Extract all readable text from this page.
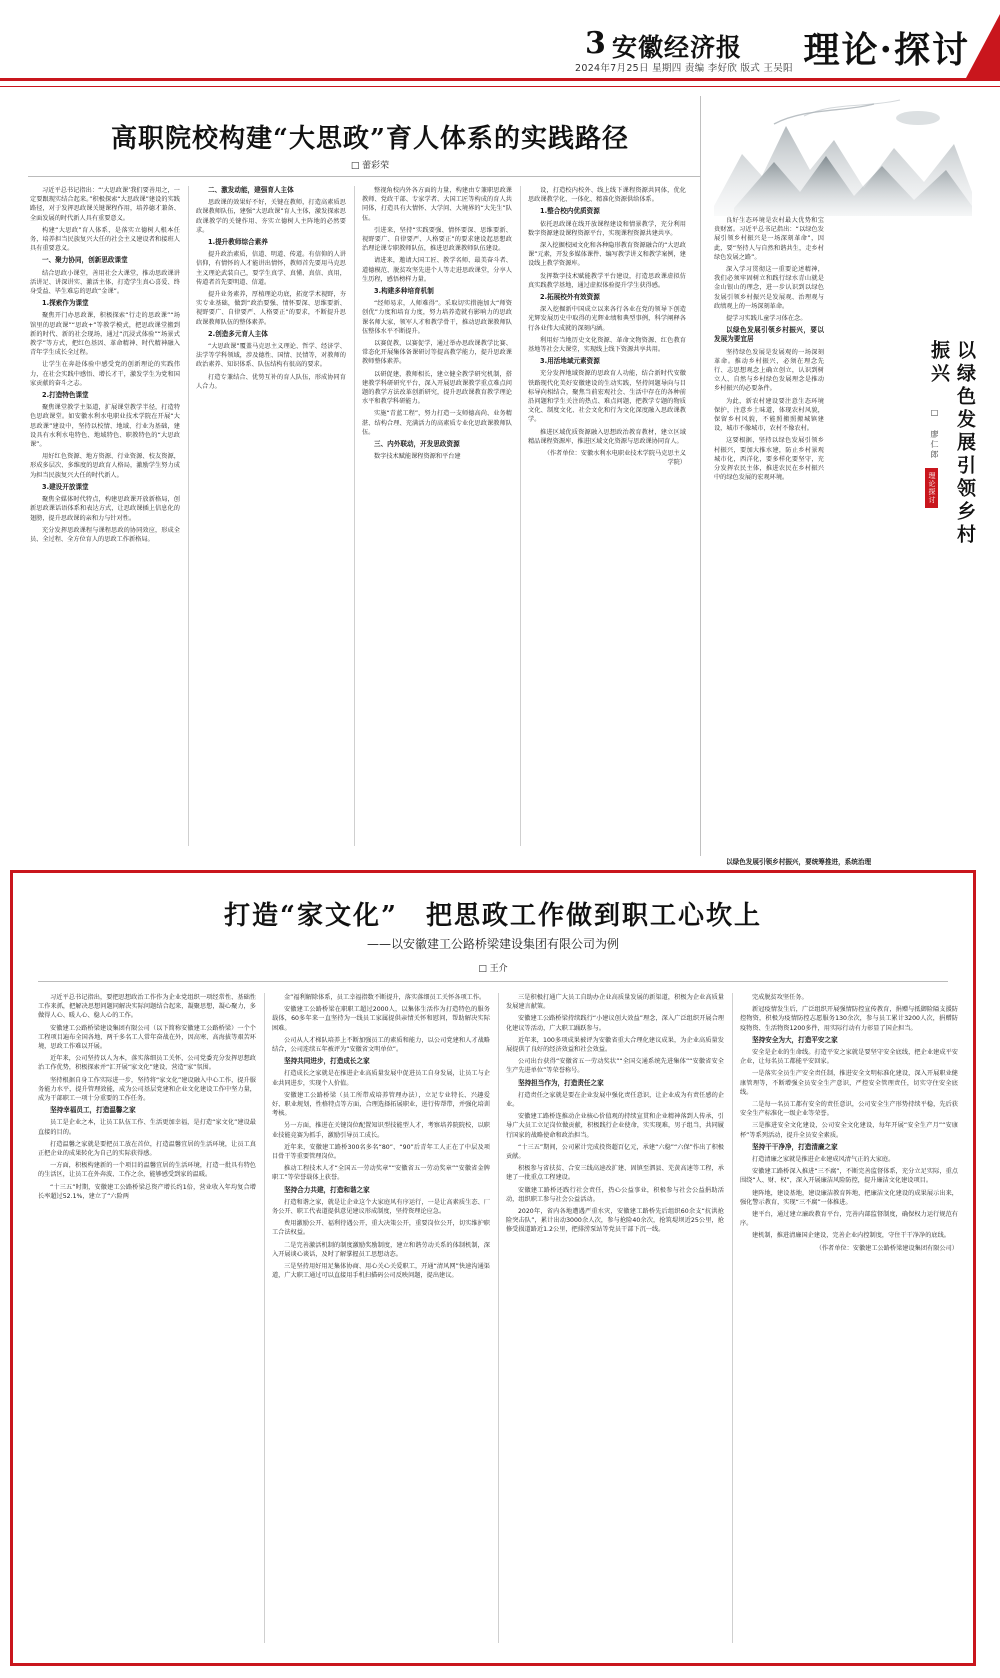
3 安徽经济报
2024年7月25日 星期四 责编 李好欣 版式 王吴阳 理论·探讨
高职院校构建“大思政”育人体系的实践路径
□ 蕾彩荣

习近平总书记指出：“‘大思政课’我们要善用之，一定要跟现实结合起来。”积极探索“大思政课”建设的实践路径，对于发挥思政课关键课程作用，培养德才兼备、全面发展的时代新人具有重要意义。

构建“大思政”育人体系，是落实立德树人根本任务，培养担当民族复兴大任的社会主义建设者和接班人具有重要意义。

一、聚力协同，创新思政课堂

结合思政小课堂，善用社会大课堂，推动思政课讲活讲足、讲深讲实、激活主体，打造学生真心喜爱、终身受益、毕生难忘的思政“金课”。

1.探索作为课堂

聚焦开门办思政课，积极探索“行走的思政课”“场馆里的思政课”“思政+”等教学模式，把思政课堂搬到新的时代、新的社会现场，通过“沉浸式体验”“场景式教学”等方式，把红色基因、革命精神、时代精神融入青年学生成长全过程。

让学生在奔赴体验中感受党的创新理论的实践伟力，在社会实践中感悟、增长才干，激发学生为党和国家贡献的奋斗之志。

2.打造特色课堂

聚焦课堂教学主渠道，扩展课堂教学半径，打造特色思政课堂。如安徽水利水电职业技术学院在开展“大思政课”建设中，坚持以校情、地域、行业为基础，建设具有水利水电特色、地域特色、职教特色的“大思政课”。

用好红色资源、地方资源、行业资源、校友资源，形成多层次、多维度的思政育人格局，激励学生努力成为担当民族复兴大任的时代新人。

3.建设开放课堂

聚焦全媒体时代特点，构建思政课开放新格局，创新思政课话语体系和表达方式，让思政课插上信息化的翅膀，提升思政课的亲和力与针对性。

充分发挥思政课程与课程思政的协同效应，形成全员、全过程、全方位育人的思政工作新格局。

二、激发动能，建强育人主体

思政课的效果好不好，关键在教师，打造高素质思政课教师队伍，建强“大思政课”育人主体，激发探索思政课教学的关键作用、夯实立德树人主阵地的必然要求。

1.提升教师综合素养

提升政治素质，信道、明道、传道。有信仰的人讲信仰，有情怀的人才能讲出情怀，教师首先要用马克思主义理论武装自己，要学生真学、真懂、真信、真用，传道者首先要明道、信道。

提升业务素养，厚植理论功底，拓宽学术视野，夯实专业基础，做到“政治要强、情怀要深、思维要新、视野要广、自律要严、人格要正”的要求，不断提升思政课教师队伍的整体素养。

2.创造多元育人主体

“大思政课”覆盖马克思主义理论、哲学、经济学、法学等学科领域，涉及德性、国情、民情等，对教师的政治素养、知识体系、队伍结构有很高的要求。

打造专兼结合、优势互补的育人队伍，形成协同育人合力。

整视角校内外各方面的力量，构建由专兼职思政课教师、党政干部、专家学者、大国工匠等构成的育人共同体，打造具有大情怀、大学问、大境界的“大先生”队伍。

引进来，坚持“实践要强、情怀要深、思维要新、视野要广、自律要严、人格要正”的要求建设起思想政治理论课专职教师队伍，推进思政课教师队伍建设。

请进来，邀请大国工匠、教学名师、最美奋斗者、道德模范、脱贫攻坚先进个人等走进思政课堂，分享人生历程，感悟榜样力量。

3.构建多种培育机制

“经师易求，人师难得”。采取切实措施加大“师资创优”力度和培育力度，努力培养造就有影响力的思政课名师大家，领军人才和教学骨干，推动思政课教师队伍整体水平不断提升。

以赛促教，以赛促学，通过举办思政课教学比赛、常态化开展集体备课研讨等提高教学能力，提升思政课教师整体素养。

以研促建，教师相长，建立健全教学研究机制，搭建教学科研研究平台，深入开展思政课教学重点难点问题的教学方法改革创新研究，提升思政课教育教学理论水平和教学科研能力。

实施“青蓝工程”，努力打造一支师德高尚、业务精湛、结构合理、充满活力的高素质专业化思政课教师队伍。

三、内外联动，开发思政资源

数字技术赋能课程资源和平台建

设，打造校内校外、线上线下课程资源共同体，优化思政课教学化、一体化、精准化资源供给体系。

1.整合校内优质资源

依托思政课在线开放课程建设和情景教学，充分利用数字资源建设课程资源平台，实现课程资源共建共享。

深入挖掘校园文化和各种隐形教育资源融合的“大思政课”元素，开发多媒体课件、编写教学讲义和教学案例，建设线上教学资源库。

发挥数字技术赋能教学平台建设，打造思政课虚拟仿真实践教学基地，通过虚拟体验提升学生获得感。

2.拓展校外有效资源

深入挖掘新中国成立以来各行各业在党的领导下创造光辉发展历史中取得的光辉业绩和典型事例，科学阐释各行各业伟大成就的深刻内涵。

利用好当地历史文化资源、革命文物资源、红色教育基地等社会大课堂，实现线上线下资源共享共用。

3.用活地域元素资源

充分发挥地域资源的思政育人功能，结合新时代安徽铁路现代化美好安徽建设的生动实践，坚持问题导向与目标导向相结合，聚焦当前宏观社会、生活中存在的各种前沿问题和学生关注的热点、难点问题，把教学专题的物质文化、制度文化、社会文化和行为文化深度融入思政课教学。

推进区域优质资源融入思想政治教育教材，建立区域精品课程资源库，推进区域文化资源与思政课协同育人。

（作者单位：安徽水利水电职业技术学院马克思主义学院）	以绿色发展引领乡村振兴
□ 廖仁郎
理论探讨

良好生态环境是农村最大优势和宝贵财富。习近平总书记指出：“以绿色发展引领乡村振兴是一场深刻革命”，因此，要“坚持人与自然和谐共生，走乡村绿色发展之路”。

深入学习贯彻这一重要论述精神，我们必须牢固树立和践行绿水青山就是金山银山的理念，进一步认识到以绿色发展引领乡村振兴是发展观、治理观与政绩观上的一场深刻革命。

提学习实践儿童学习体在念。

以绿色发展引领乡村振兴，要以发展为要宜居

坚持绿色发展是发展观的一场深刻革命。推动乡村振兴，必须在理念先行、志思想观念上确立创立，认识到树立人、自然与乡村绿色发展理念是推动乡村振兴的必要条件。

为此，新农村建设要注意生态环境保护，注意乡土味道，体现农村风貌，保留乡村风貌，不能照搬照搬城镇建设，城市不像城市，农村不像农村。

这要根据，坚持以绿色发展引领乡村振兴，要加大推水建，防止乡村景观城市化，西洋化，要多样化要坚守，充分发挥农民主体，推进农民在乡村振兴中的绿色发展的宏观环境。

以绿色发展引领乡村振兴，要统筹推进，系统治理

打造“家文化”　把思政工作做到职工心坎上
——以安徽建工公路桥梁建设集团有限公司为例
□ 王介

习近平总书记指出，要把思想政治工作作为企业党组织一项经常性、基础性工作来抓，把解决思想问题同解决实际问题结合起来，凝聚思想，凝心聚力，多做得人心、暖人心、稳人心的工作。

安徽建工公路桥梁建设集团有限公司（以下简称安徽建工公路桥梁）一个个工程项目遍布全国各地、两千多名工人常年奋战在外，因高寒、高海拔等艰苦环境，思政工作难以开展。

近年来，公司坚持以人为本，落实落细员工关怀，公司党委充分发挥思想政治工作优势，积极探索并“汇开展“家文化”建设，营造“家”氛围。

坚持根据自身工作实际进一步，坚持将“家文化”建设融入中心工作，提升服务能力水平，提升管理效能，成为公司基层党建和企业文化建设工作中坚力量，成为干部职工一项十分重要的工作任务。

坚持幸福员工，打造温馨之家

员工是企业之本，让员工队伍工作、生活更加幸福，是打造“家文化”建设最直接的目的。

打造温馨之家就是要把员工放在首位，打造温馨宜居的生活环境，让员工真正把企业的成果转化为自己的实际获得感。

一方面，积极构建新的一个项目的温馨宜居的生活环境，打造一批具有特色的生活区，让员工在外奔波、工作之余，能够感受到家的温暖。

“十三五”时期，安徽建工公路桥梁总资产增长约1倍，营业收入年均复合增长率超过52.1%，建立了“六险两

金”福利解除体系，员工幸福指数不断提升，落实落细员工关怀各项工作。

安徽建工公路桥梁在职职工超过2000人，以集体生活作为打造特色的服务载体，60多年来一直坚持为一线员工家属提供亲情关怀和慰问，帮助解决实际困难。

公司从人才梯队培养上不断加强员工的素质和能力，以公司党建和人才战略结合，公司连续五年被评为“安徽省文明单位”。

坚持共同进步，打造成长之家

打造成长之家就是在推进企业高质量发展中促进员工自身发展，让员工与企业共同进步，实现个人价值。

安徽建工公路桥梁（员工所带成培养管理办法），立足专业特长、兴趣爱好、职业规划，性格特点等方面，合理选择拓展职业，进行传帮带，并强化培训考核。

另一方面，推进在关键岗位配置知识型技能型人才，考察培养院院校，以职业技能竞赛为抓手，激励引导员工成长。

近年来，安徽建工路桥300名多名“80”、“90”后青年工人正在了中层及项目骨干等重要管理岗位。

推动工程技术人才“全国五一劳动奖章”“安徽省五一劳动奖章”“安徽省金牌职工”等荣誉载体上获誉。

坚持合力共建，打造和谐之家

打造和谐之家，就是让企业这个大家庭风有序运行，一是让高素质生态、厂务公开、职工代表道提供意见建议形成制度，坚持资理论应急。

费用激励公开、福利待遇公开，重大决策公开，重要岗位公开，切实维护职工合法权益。

二是完善激活机制的制度激励奖励制度，建立和谐劳动关系的体制机制，深入开展谈心谈话，及时了解掌握员工思想动态。

三是坚持用好用足集体协商、用心关心关爱职工，开通“清风网”快速沟通渠道，广大职工通过可以直接用手机扫描码公司反映问题，提出建议。

三是积极打通广大员工自助办企业高质量发展的新渠道，积极为企业高质量发展建言献策。

安徽建工公路桥梁持续践行“小建议创大效益”理念，深入广泛组织开展合理化建议等活动，广大职工踊跃参与。

近年来，100多项成果被评为安徽省重大合理化建议成果，为企业高质量发展提供了良好的经济效益和社会效益。

公司出台获得“安徽省五一劳动奖状”“全国交通系统先进集体”“安徽省安全生产先进单位”等荣誉称号。

坚持担当作为，打造责任之家

打造责任之家就是要在企业发展中强化责任意识，让企业成为有责任感的企业。

安徽建工路桥连推动企业核心价值观的持续宣贯和企业精神落到人传承，引导广大员工立足岗位做贡献，积极践行企业使命，实实现难，男子组当，共同履行国家的战略使命和政治担当。

“十三五”期间，公司累计完成投资超百亿元，承建“六稳”“六保”作出了积极贡献。

积极参与省扶贫、合安三线高速改扩建、固镇至泗县、芜黄高速等工程，承建了一批重点工程建设。

安徽建工路桥还践行社会责任，热心公益事业，积极参与社会公益捐助活动，组织职工参与社会公益活动。

2020年，省内各地遭遇严重水灾，安徽建工路桥先后组织60余支“抗洪抢险突击队”，累计出动3000余人次，参与抢险40余次，抢筑堤坝近25公里，抢修受损道路近1.2公里，把排涝泵站等党员干部下沉一线。

完成脱贫攻坚任务。

新冠疫情发生后，广泛组织开展强情防控宣传教育，捐赠与抵御险隘支援防控物资，积极为疫情防控志愿服务130余次，参与员工累计3200人次，捐赠防疫物资、生活物资1200多件，用实际行动有力彰显了国企担当。

坚持安全为大，打造平安之家

安全是企业的生命线。打造平安之家就是要坚守安全底线，把企业建成平安企业，让每名员工都能平安回家。

一是落实全员生产安全责任制，推进安全文明标准化建设，深入开展职业健康管理等，不断增强全员安全生产意识，严控安全管理责任，切实守住安全底线。

二是每一名员工都有安全的责任意识，公司安全生产形势持续平稳，先后获安全生产标准化一级企业等荣誉。

三是推进安全文化建设，公司安全文化建设，每年开展“安全生产月”“安康杯”等系列活动，提升全员安全素质。

坚持干干净净，打造清廉之家

打造清廉之家就是推进企业建成风清气正的大家庭。

安徽建工路桥深入推进“三不腐”，不断完善监督体系，充分立足实际，重点围绕“人、财、权”，深入开展廉洁风险防控，提升廉洁文化建设项目。

建阵地，建设基地，建设廉洁教育阵地，把廉洁文化建设的成果展示出来，强化警示教育，实现“三不腐”一体推进。

建平台，通过建立廉政教育平台，完善内部监督制度，确保权力运行规范有序。

建机制，推进清廉国企建设，完善企业内控制度，守住干干净净的底线。

（作者单位：安徽建工公路桥梁建设集团有限公司）
